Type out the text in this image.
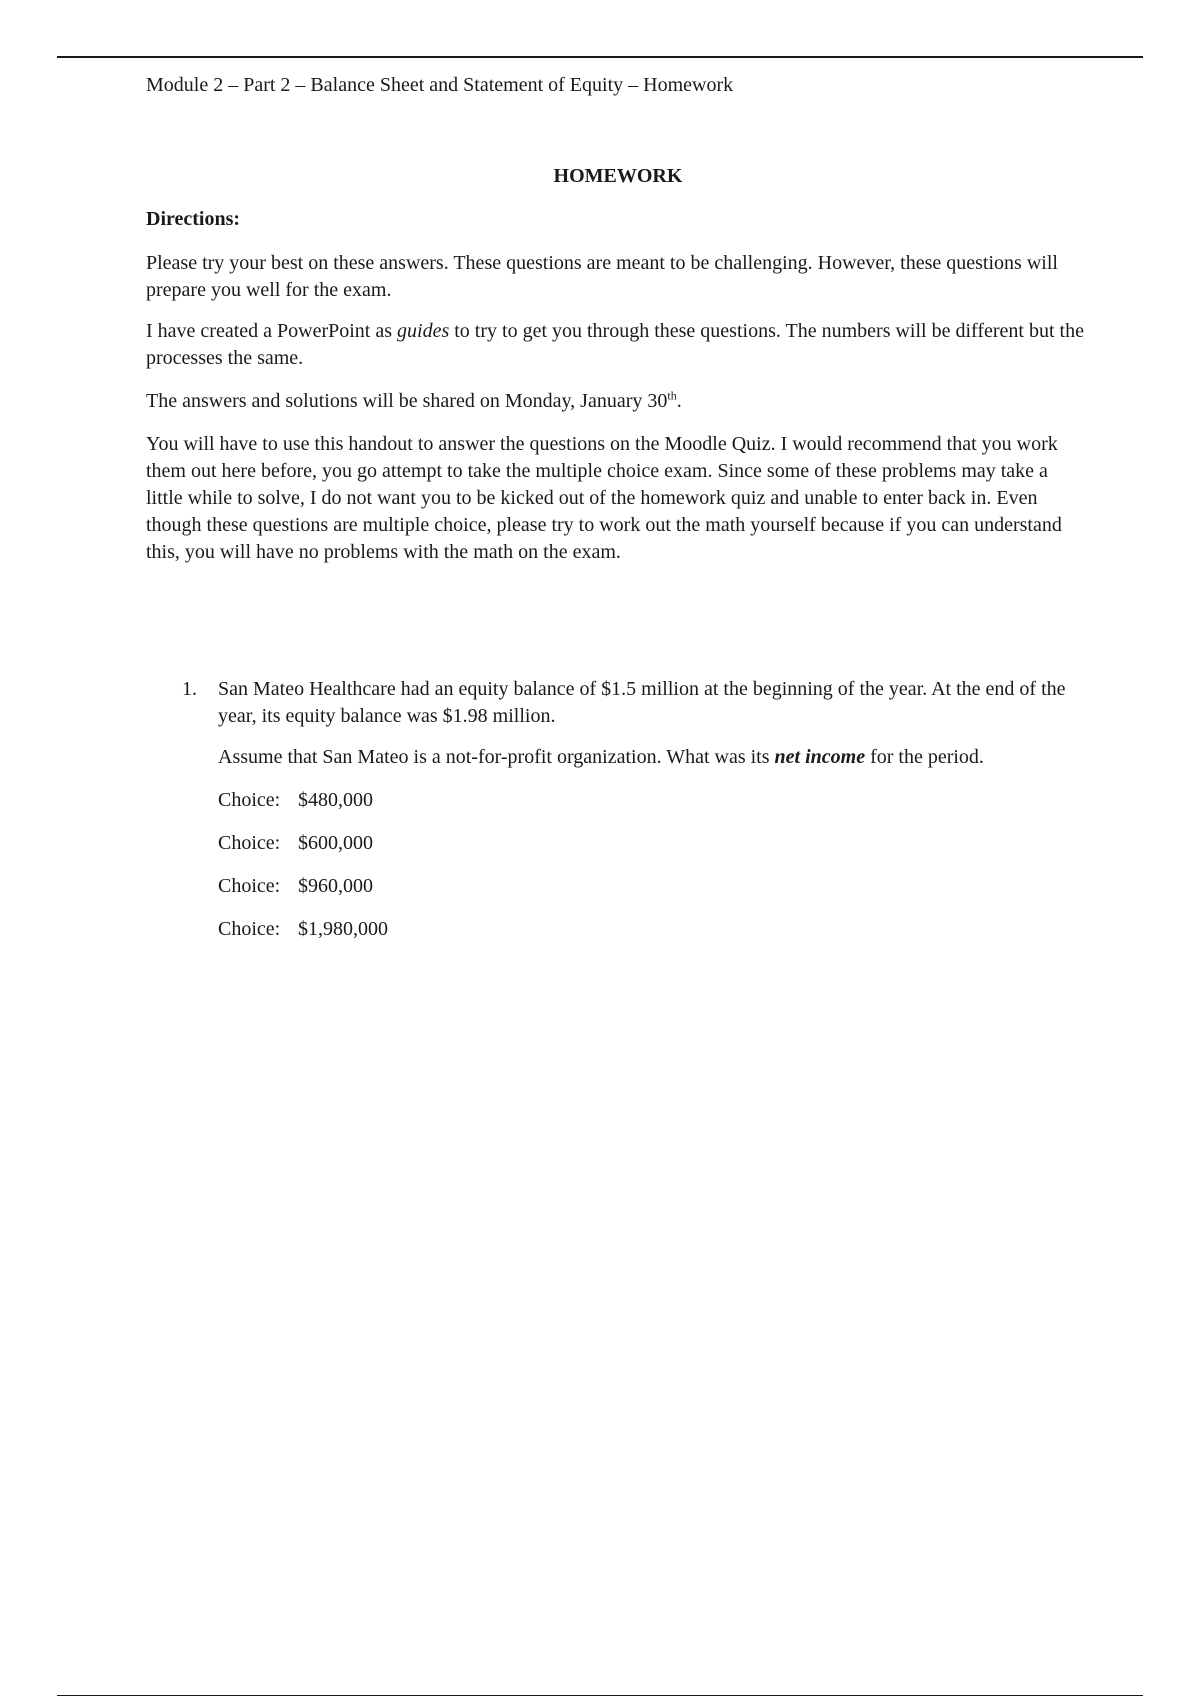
Module 2 – Part 2 – Balance Sheet and Statement of Equity – Homework
HOMEWORK
Directions:

Please try your best on these answers. These questions are meant to be challenging. However, these questions will prepare you well for the exam.

I have created a PowerPoint as guides to try to get you through these questions. The numbers will be different but the processes the same.

The answers and solutions will be shared on Monday, January 30th.

You will have to use this handout to answer the questions on the Moodle Quiz. I would recommend that you work them out here before, you go attempt to take the multiple choice exam. Since some of these problems may take a little while to solve, I do not want you to be kicked out of the homework quiz and unable to enter back in. Even though these questions are multiple choice, please try to work out the math yourself because if you can understand this, you will have no problems with the math on the exam.

1. San Mateo Healthcare had an equity balance of $1.5 million at the beginning of the year. At the end of the year, its equity balance was $1.98 million.

Assume that San Mateo is a not-for-profit organization. What was its net income for the period.

Choice: $480,000

Choice: $600,000

Choice: $960,000

Choice: $1,980,000
